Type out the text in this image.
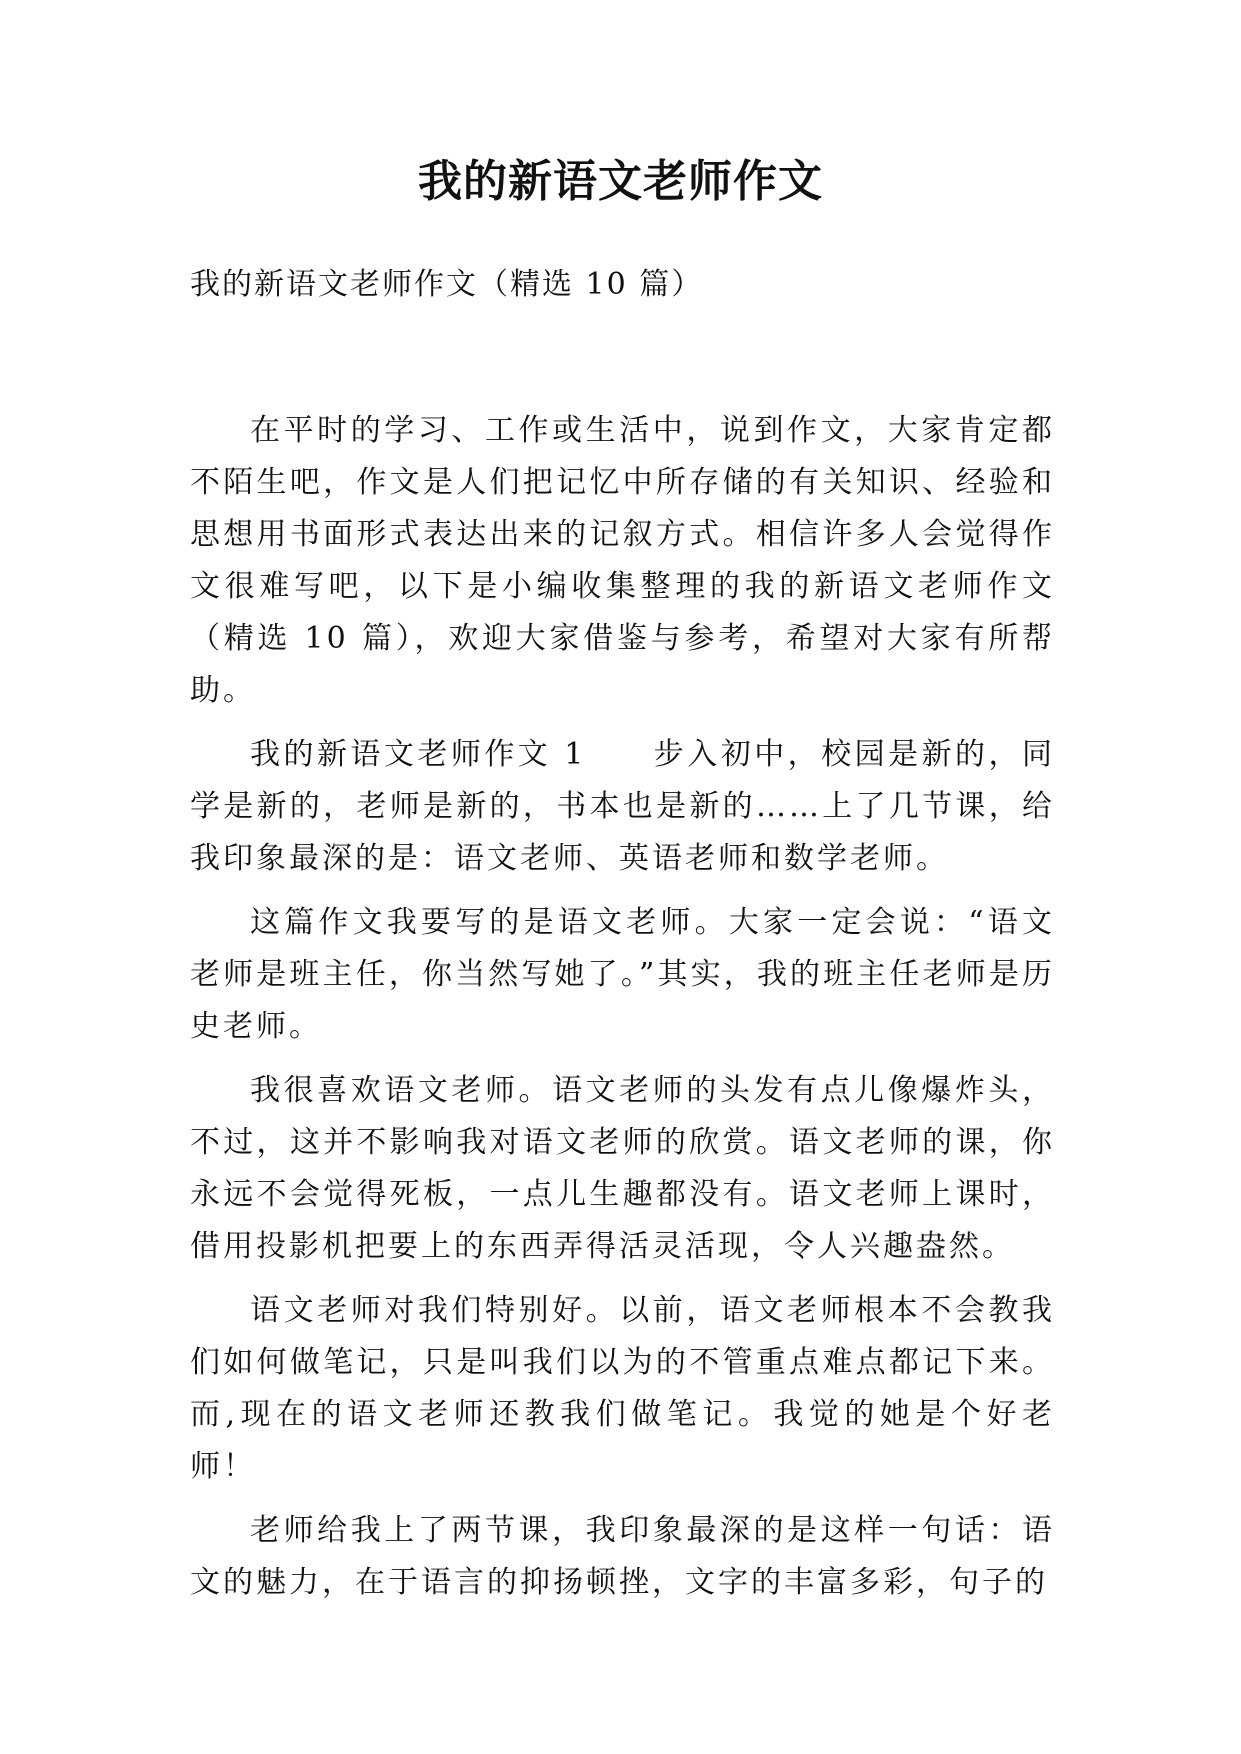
我的新语文老师作文
我的新语文老师作文（精选 10 篇）

在平时的学习、工作或生活中，说到作文，大家肯定都不陌生吧，作文是人们把记忆中所存储的有关知识、经验和思想用书面形式表达出来的记叙方式。相信许多人会觉得作文很难写吧，以下是小编收集整理的我的新语文老师作文（精选 10 篇），欢迎大家借鉴与参考，希望对大家有所帮助。

我的新语文老师作文 1　　步入初中，校园是新的，同学是新的，老师是新的，书本也是新的……上了几节课，给我印象最深的是：语文老师、英语老师和数学老师。

这篇作文我要写的是语文老师。大家一定会说：“语文老师是班主任，你当然写她了。”其实，我的班主任老师是历史老师。

我很喜欢语文老师。语文老师的头发有点儿像爆炸头，不过，这并不影响我对语文老师的欣赏。语文老师的课，你永远不会觉得死板，一点儿生趣都没有。语文老师上课时，借用投影机把要上的东西弄得活灵活现，令人兴趣盎然。

语文老师对我们特别好。以前，语文老师根本不会教我们如何做笔记，只是叫我们以为的不管重点难点都记下来。而,现在的语文老师还教我们做笔记。我觉的她是个好老师！

老师给我上了两节课，我印象最深的是这样一句话：语文的魅力，在于语言的抑扬顿挫，文字的丰富多彩，句子的
